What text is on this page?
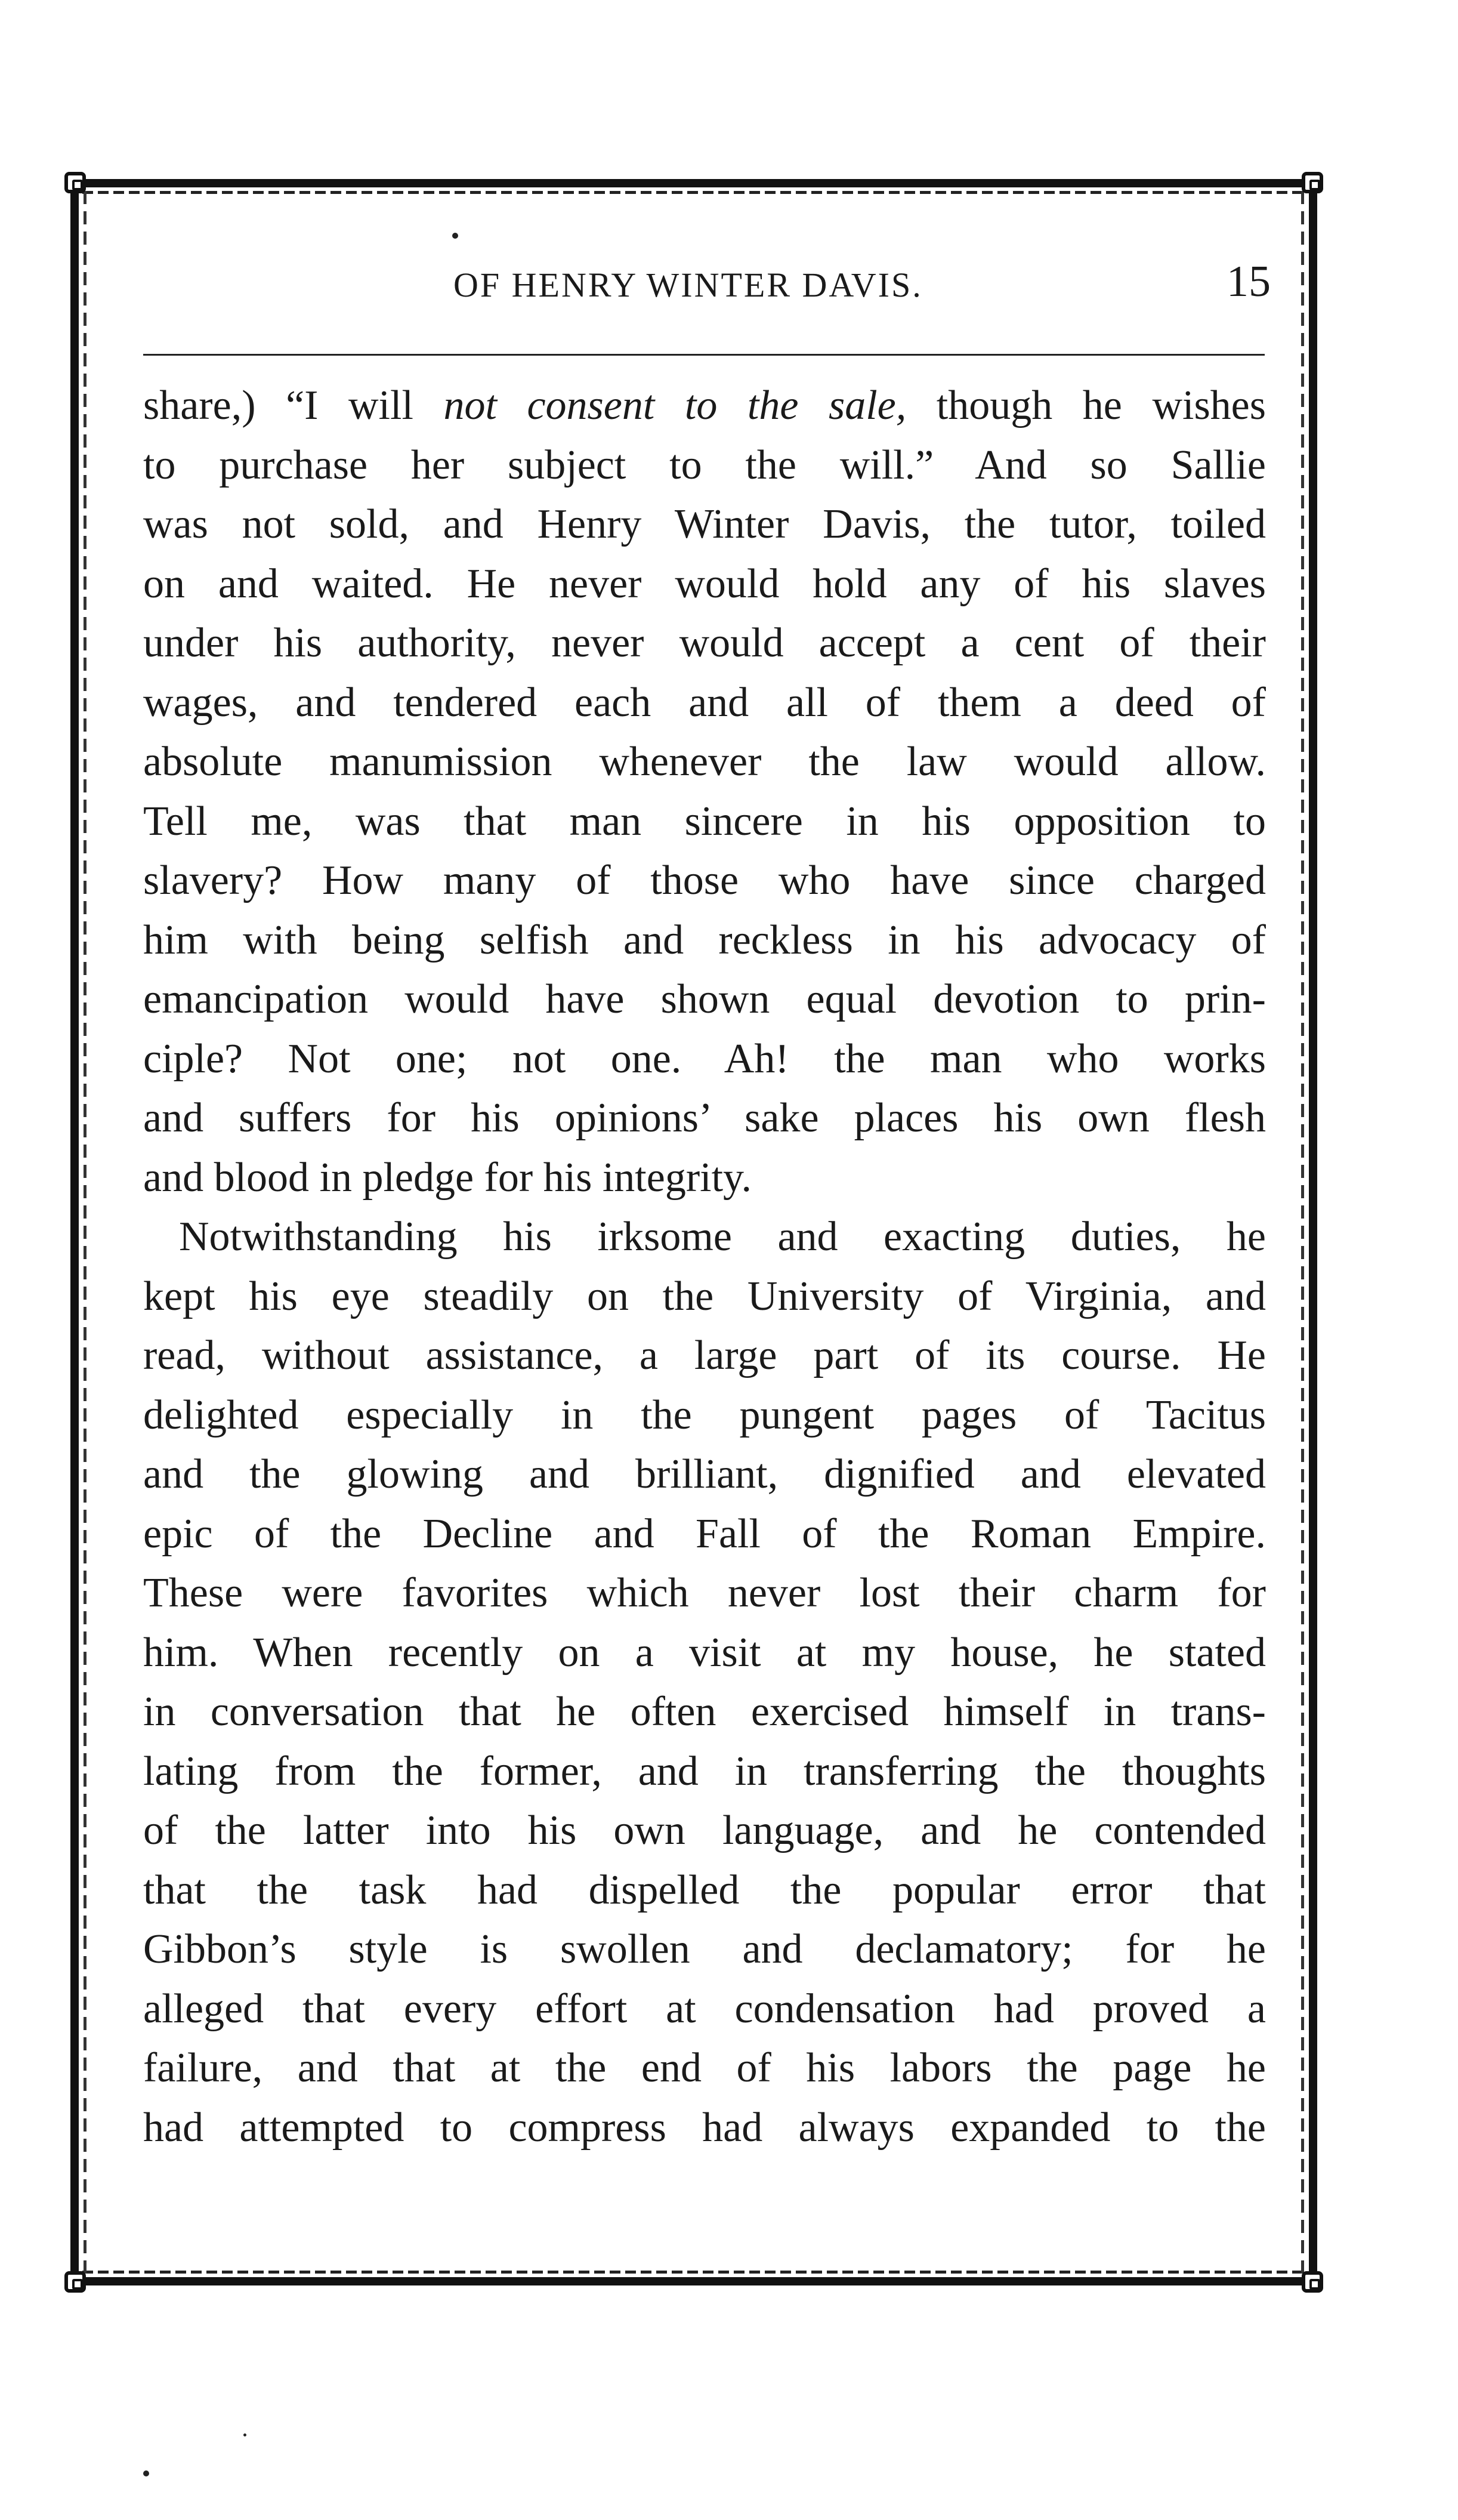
OF HENRY WINTER DAVIS.	15

share,) “I will not consent to the sale, though he wishes
to purchase her subject to the will.” And so Sallie
was not sold, and Henry Winter Davis, the tutor, toiled
on and waited. He never would hold any of his slaves
under his authority, never would accept a cent of their
wages, and tendered each and all of them a deed of
absolute manumission whenever the law would allow.
Tell me, was that man sincere in his opposition to
slavery? How many of those who have since charged
him with being selfish and reckless in his advocacy of
emancipation would have shown equal devotion to prin-
ciple? Not one; not one. Ah! the man who works
and suffers for his opinions’ sake places his own flesh
and blood in pledge for his integrity.

Notwithstanding his irksome and exacting duties, he
kept his eye steadily on the University of Virginia, and
read, without assistance, a large part of its course. He
delighted especially in the pungent pages of Tacitus
and the glowing and brilliant, dignified and elevated
epic of the Decline and Fall of the Roman Empire.
These were favorites which never lost their charm for
him. When recently on a visit at my house, he stated
in conversation that he often exercised himself in trans-
lating from the former, and in transferring the thoughts
of the latter into his own language, and he contended
that the task had dispelled the popular error that
Gibbon’s style is swollen and declamatory; for he
alleged that every effort at condensation had proved a
failure, and that at the end of his labors the page he
had attempted to compress had always expanded to the
